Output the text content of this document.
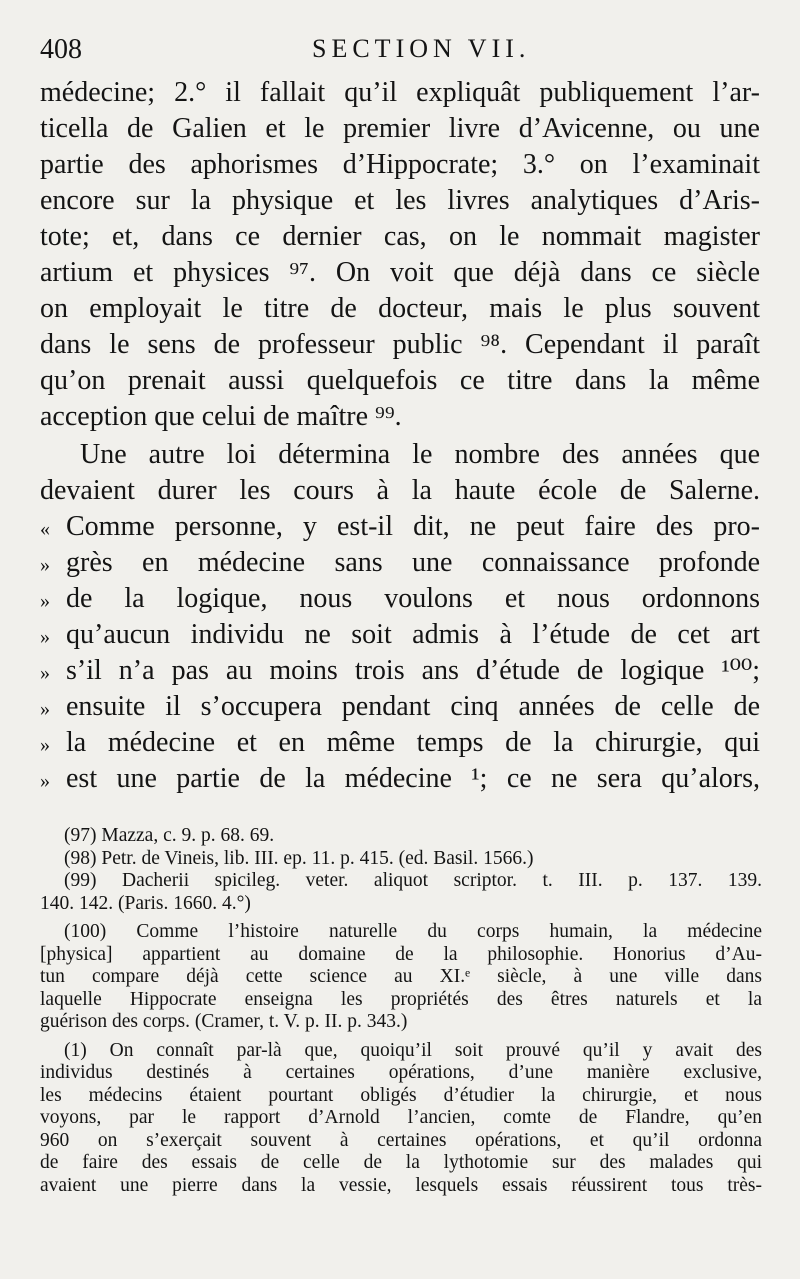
408	SECTION VII.
médecine; 2.° il fallait qu’il expliquât publiquement l’ar-
ticella de Galien et le premier livre d’Avicenne, ou une
partie des aphorismes d’Hippocrate; 3.° on l’examinait
encore sur la physique et les livres analytiques d’Aris-
tote; et, dans ce dernier cas, on le nommait magister
artium et physices ⁹⁷. On voit que déjà dans ce siècle
on employait le titre de docteur, mais le plus souvent
dans le sens de professeur public ⁹⁸. Cependant il paraît
qu’on prenait aussi quelquefois ce titre dans la même
acception que celui de maître ⁹⁹.
Une autre loi détermina le nombre des années que
devaient durer les cours à la haute école de Salerne.
« Comme personne, y est-il dit, ne peut faire des pro-
» grès en médecine sans une connaissance profonde
» de la logique, nous voulons et nous ordonnons
» qu’aucun individu ne soit admis à l’étude de cet art
» s’il n’a pas au moins trois ans d’étude de logique ¹⁰⁰;
» ensuite il s’occupera pendant cinq années de celle de
» la médecine et en même temps de la chirurgie, qui
» est une partie de la médecine ¹; ce ne sera qu’alors,
(97) Mazza, c. 9. p. 68. 69.
(98) Petr. de Vineis, lib. III. ep. 11. p. 415. (ed. Basil. 1566.)
(99) Dacherii spicileg. veter. aliquot scriptor. t. III. p. 137. 139.
140. 142. (Paris. 1660. 4.°)
(100) Comme l’histoire naturelle du corps humain, la médecine
[physica] appartient au domaine de la philosophie. Honorius d’Au-
tun compare déjà cette science au XI.ᵉ siècle, à une ville dans
laquelle Hippocrate enseigna les propriétés des êtres naturels et la
guérison des corps. (Cramer, t. V. p. II. p. 343.)
(1) On connaît par-là que, quoiqu’il soit prouvé qu’il y avait des
individus destinés à certaines opérations, d’une manière exclusive,
les médecins étaient pourtant obligés d’étudier la chirurgie, et nous
voyons, par le rapport d’Arnold l’ancien, comte de Flandre, qu’en
960 on s’exerçait souvent à certaines opérations, et qu’il ordonna
de faire des essais de celle de la lythotomie sur des malades qui
avaient une pierre dans la vessie, lesquels essais réussirent tous très-
